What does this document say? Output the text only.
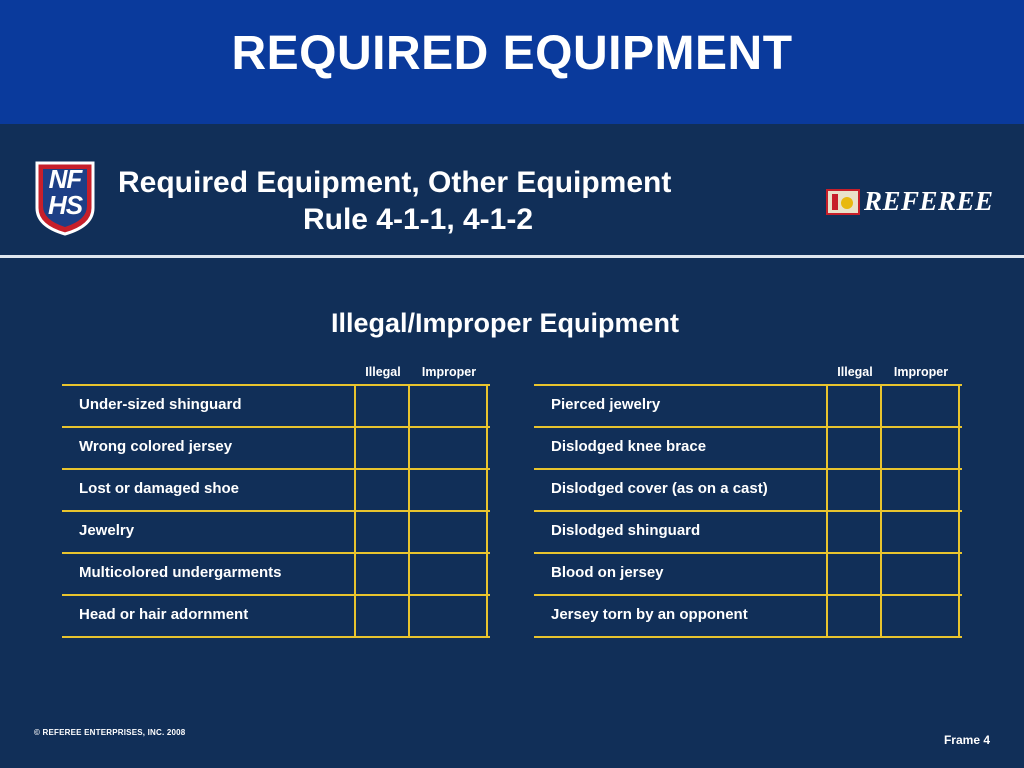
REQUIRED EQUIPMENT
NF
HS
Required Equipment, Other Equipment
Rule 4-1-1, 4-1-2
REFEREE
Illegal/Improper Equipment
Illegal	Improper
Under-sized shinguard
Wrong colored jersey
Lost or damaged shoe
Jewelry
Multicolored undergarments
Head or hair adornment
Illegal	Improper
Pierced jewelry
Dislodged knee brace
Dislodged cover (as on a cast)
Dislodged shinguard
Blood on jersey
Jersey torn by an opponent
© REFEREE ENTERPRISES, INC. 2008
Frame 4
